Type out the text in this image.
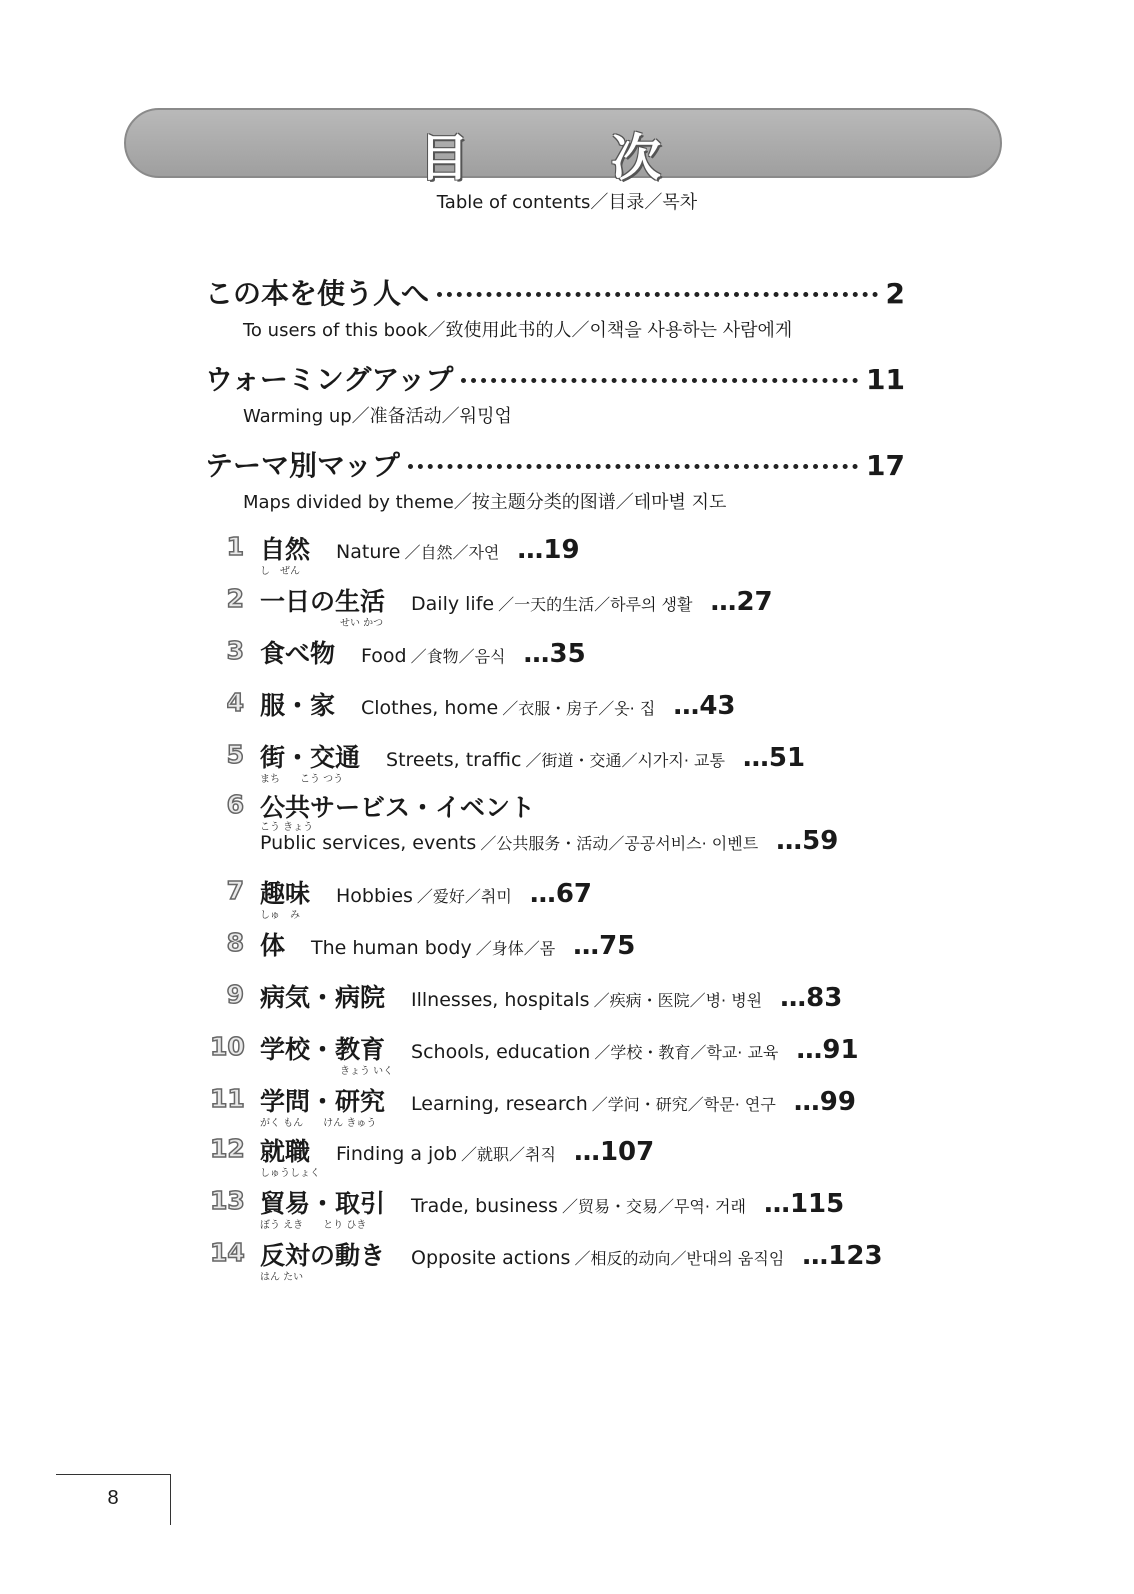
目　次
Table of contents／目录／목차
この本を使う人へ	2
To users of this book／致使用此书的人／이책을 사용하는 사람에게
ウォーミングアップ	11
Warming up／准备活动／워밍업
テーマ別マップ	17
Maps divided by theme／按主题分类的图谱／테마별 지도
1 自然 Nature ／自然／자연 …19
し　ぜん
2 一日の生活 Daily life ／一天的生活／하루의 생활 …27
せい かつ
3 食べ物 Food ／食物／음식 …35
4 服・家 Clothes, home ／衣服・房子／옷· 집 …43
5 街・交通 Streets, traffic ／街道・交通／시가지· 교통 …51
まち　　こう つう
6 公共サービス・イベント
こう きょう
Public services, events ／公共服务・活动／공공서비스· 이벤트 …59
7 趣味 Hobbies ／爱好／취미 …67
しゅ　み
8 体 The human body ／身体／몸 …75
9 病気・病院 Illnesses, hospitals ／疾病・医院／병· 병원 …83
10 学校・教育 Schools, education ／学校・教育／학교· 교육 …91
きょう いく
11 学問・研究 Learning, research ／学问・研究／학문· 연구 …99
がく もん　　けん きゅう
12 就職 Finding a job ／就职／취직 …107
しゅうしょく
13 貿易・取引 Trade, business ／贸易・交易／무역· 거래 …115
ぼう えき　　とり ひき
14 反対の動き Opposite actions ／相反的动向／반대의 움직임 …123
はん たい
8
